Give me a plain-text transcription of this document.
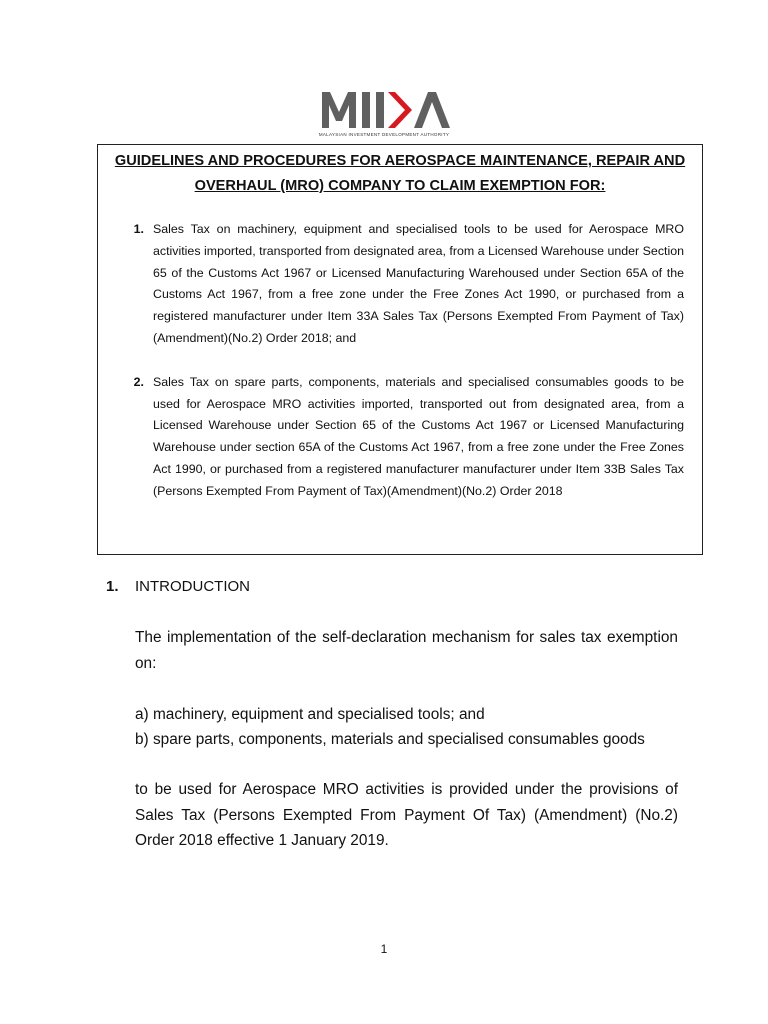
MALAYSIAN INVESTMENT DEVELOPMENT AUTHORITY
GUIDELINES AND PROCEDURES FOR AEROSPACE MAINTENANCE, REPAIR AND OVERHAUL (MRO) COMPANY TO CLAIM EXEMPTION FOR:
1. Sales Tax on machinery, equipment and specialised tools to be used for Aerospace MRO activities imported, transported from designated area, from a Licensed Warehouse under Section 65 of the Customs Act 1967 or Licensed Manufacturing Warehoused under Section 65A of the Customs Act 1967, from a free zone under the Free Zones Act 1990, or purchased from a registered manufacturer under Item 33A Sales Tax (Persons Exempted From Payment of Tax)(Amendment)(No.2) Order 2018; and
2. Sales Tax on spare parts, components, materials and specialised consumables goods to be used for Aerospace MRO activities imported, transported out from designated area, from a Licensed Warehouse under Section 65 of the Customs Act 1967 or Licensed Manufacturing Warehouse under section 65A of the Customs Act 1967, from a free zone under the Free Zones Act 1990, or purchased from a registered manufacturer manufacturer under Item 33B Sales Tax (Persons Exempted From Payment of Tax)(Amendment)(No.2) Order 2018
1.	INTRODUCTION
The implementation of the self-declaration mechanism for sales tax exemption on:
a) machinery, equipment and specialised tools; and
b) spare parts, components, materials and specialised consumables goods
to be used for Aerospace MRO activities is provided under the provisions of Sales Tax (Persons Exempted From Payment Of Tax) (Amendment) (No.2) Order 2018 effective 1 January 2019.
1
